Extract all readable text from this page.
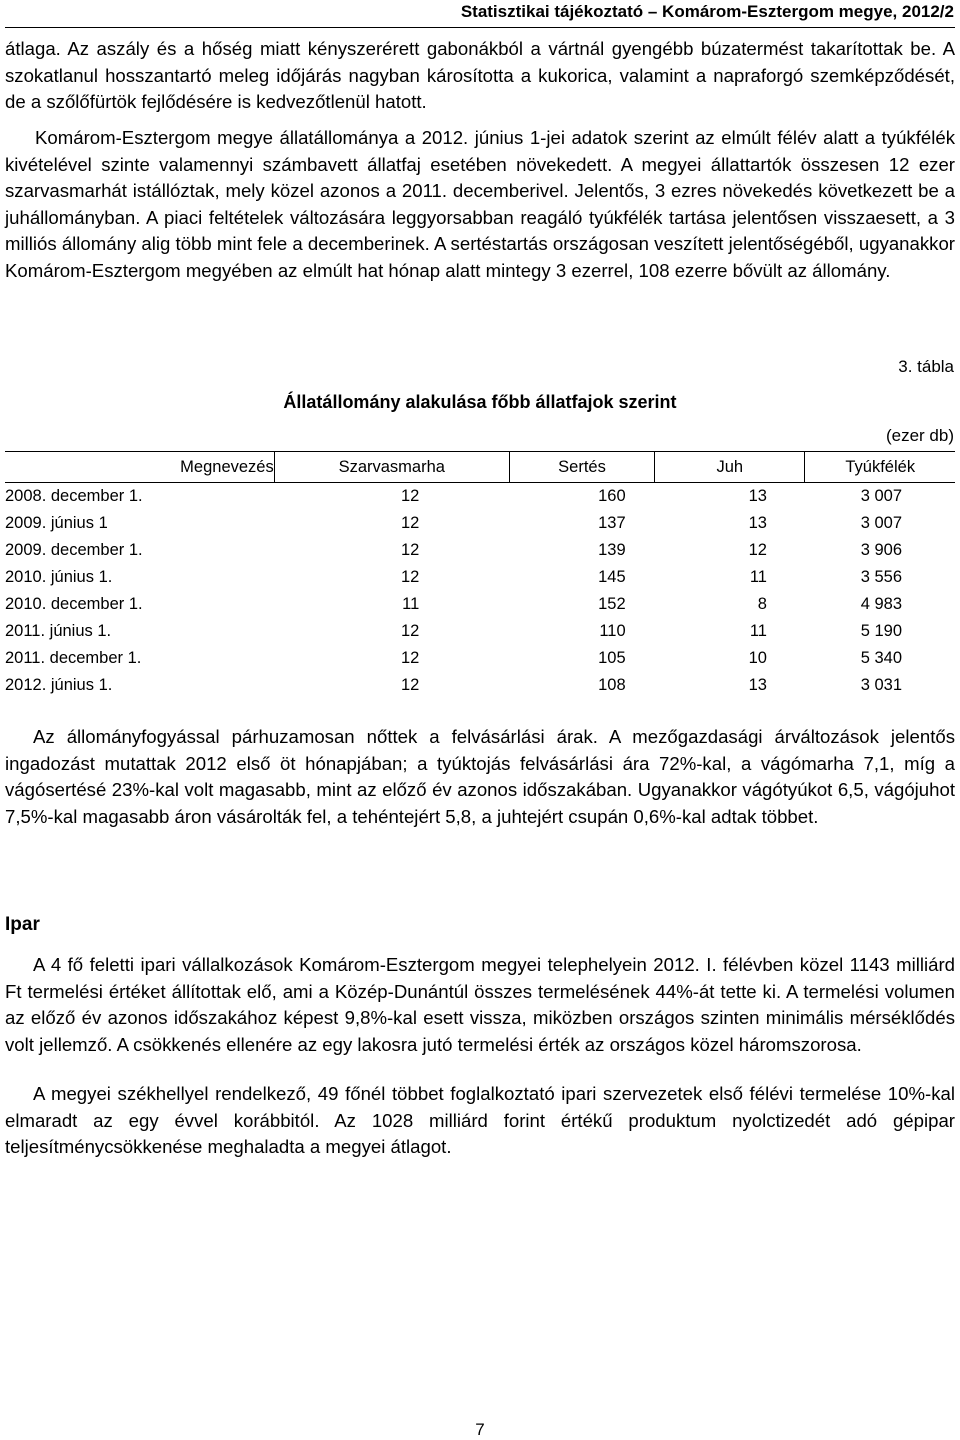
Statisztikai tájékoztató – Komárom-Esztergom megye, 2012/2

átlaga. Az aszály és a hőség miatt kényszerérett gabonákból a vártnál gyengébb búzatermést takarítottak be. A szokatlanul hosszantartó meleg időjárás nagyban károsította a kukorica, valamint a napraforgó szemképződését, de a szőlőfürtök fejlődésére is kedvezőtlenül hatott.

Komárom-Esztergom megye állatállománya a 2012. június 1-jei adatok szerint az elmúlt félév alatt a tyúkfélék kivételével szinte valamennyi számbavett állatfaj esetében növekedett. A megyei állattartók összesen 12 ezer szarvasmarhát istállóztak, mely közel azonos a 2011. decemberivel. Jelentős, 3 ezres növekedés következett be a juhállományban. A piaci feltételek változására leggyorsabban reagáló tyúkfélék tartása jelentősen visszaesett, a 3 milliós állomány alig több mint fele a decemberinek. A sertéstartás országosan veszített jelentőségéből, ugyanakkor Komárom-Esztergom megyében az elmúlt hat hónap alatt mintegy 3 ezerrel, 108 ezerre bővült az állomány.

3. tábla
Állatállomány alakulása főbb állatfajok szerint
(ezer db)
Megnevezés	Szarvasmarha	Sertés	Juh	Tyúkfélék
2008. december 1.	12	160	13	3 007
2009. június 1	12	137	13	3 007
2009. december 1.	12	139	12	3 906
2010. június 1.	12	145	11	3 556
2010. december 1.	11	152	8	4 983
2011. június 1.	12	110	11	5 190
2011. december 1.	12	105	10	5 340
2012. június 1.	12	108	13	3 031

Az állományfogyással párhuzamosan nőttek a felvásárlási árak. A mezőgazdasági árváltozások jelentős ingadozást mutattak 2012 első öt hónapjában; a tyúktojás felvásárlási ára 72%-kal, a vágómarha 7,1, míg a vágósertésé 23%-kal volt magasabb, mint az előző év azonos időszakában. Ugyanakkor vágótyúkot 6,5, vágójuhot 7,5%-kal magasabb áron vásárolták fel, a tehéntejért 5,8, a juhtejért csupán 0,6%-kal adtak többet.

Ipar

A 4 fő feletti ipari vállalkozások Komárom-Esztergom megyei telephelyein 2012. I. félévben közel 1143 milliárd Ft termelési értéket állítottak elő, ami a Közép-Dunántúl összes termelésének 44%-át tette ki. A termelési volumen az előző év azonos időszakához képest 9,8%-kal esett vissza, miközben országos szinten minimális mérséklődés volt jellemző. A csökkenés ellenére az egy lakosra jutó termelési érték az országos közel háromszorosa.

A megyei székhellyel rendelkező, 49 főnél többet foglalkoztató ipari szervezetek első félévi termelése 10%-kal elmaradt az egy évvel korábbitól. Az 1028 milliárd forint értékű produktum nyolctizedét adó gépipar teljesítménycsökkenése meghaladta a megyei átlagot.

7
